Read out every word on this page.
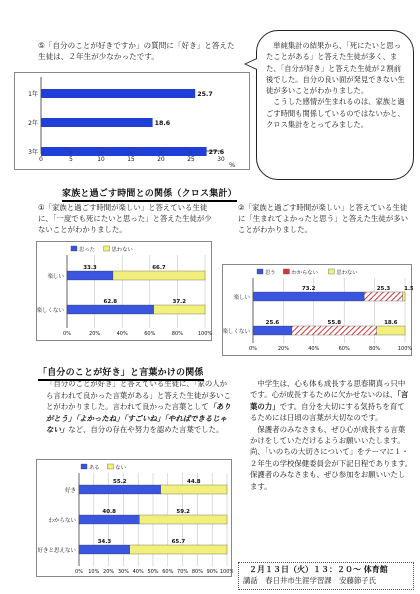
⑤「自分のことが好きですか」の質問に「好き」と答えた生徒は、２年生が少なかったです。
1年	25.7
2年	18.6
3年	27.6
0	5	10	15	20	25	30
%

単純集計の結果から、「死にたいと思ったことがある」と答えた生徒が多く、また、「自分が好き」と答えた生徒が２割前後でした。自分の良い面が発見できない生徒が多いことがわかりました。

こうした感情が生まれるのは、家族と過ごす時間も関係しているのではないかと、クロス集計をとってみました。

家族と過ごす時間との関係（クロス集計）
①「家族と過ごす時間が楽しい」と答えている生徒に、「一度でも死にたいと思った」と答えた生徒が少ないことがわかりました。
②「家族と過ごす時間が楽しい」と答えている生徒に「生まれてよかったと思う」と答えた生徒が多いことがわかりました。
思った	思わない
0%	20%	40%	60%	80%	100%
楽しい
33.3	66.7
楽しくない
62.8	37.2
思う	わからない	思わない
0%	20%	40%	60%	80%	100%
楽しい
73.2	25.3	1.5
楽しくない
25.6	55.8	18.6
「自分のことが好き」と言葉かけの関係
「自分のことが好き」と答えている生徒に、「家の人から言われて良かった言葉がある」と答えた生徒が多いことがわかりました。言われて良かった言葉として「ありがとう」「よかったね」「すごいね」「やればできるじゃない」など、自分の存在や努力を認めた言葉でした。
ある	ない
0% 10% 20% 30% 40% 50% 60% 70% 80% 90% 100%
好き
55.2	44.8
わからない
40.8	59.2
好きと思えない
34.3	65.7

中学生は、心も体も成長する思春期真っ只中です。心が成長するために欠かせないのは、「言葉の力」です。自分を大切にする気持ちを育てるためには日頃の言葉が大切なのです。

保護者のみなさまも、ぜひ心が成長する言葉かけをしていただけるようお願いいたします。尚、「いのちの大切さについて」をテーマに１・２年生の学校保健委員会が下記日程であります。保護者のみなさまも、ぜひ参加をお願いいたします。

２月１３日（火）１３：２０～ 体育館
講話　春日井市生涯学習課　安藤節子氏
